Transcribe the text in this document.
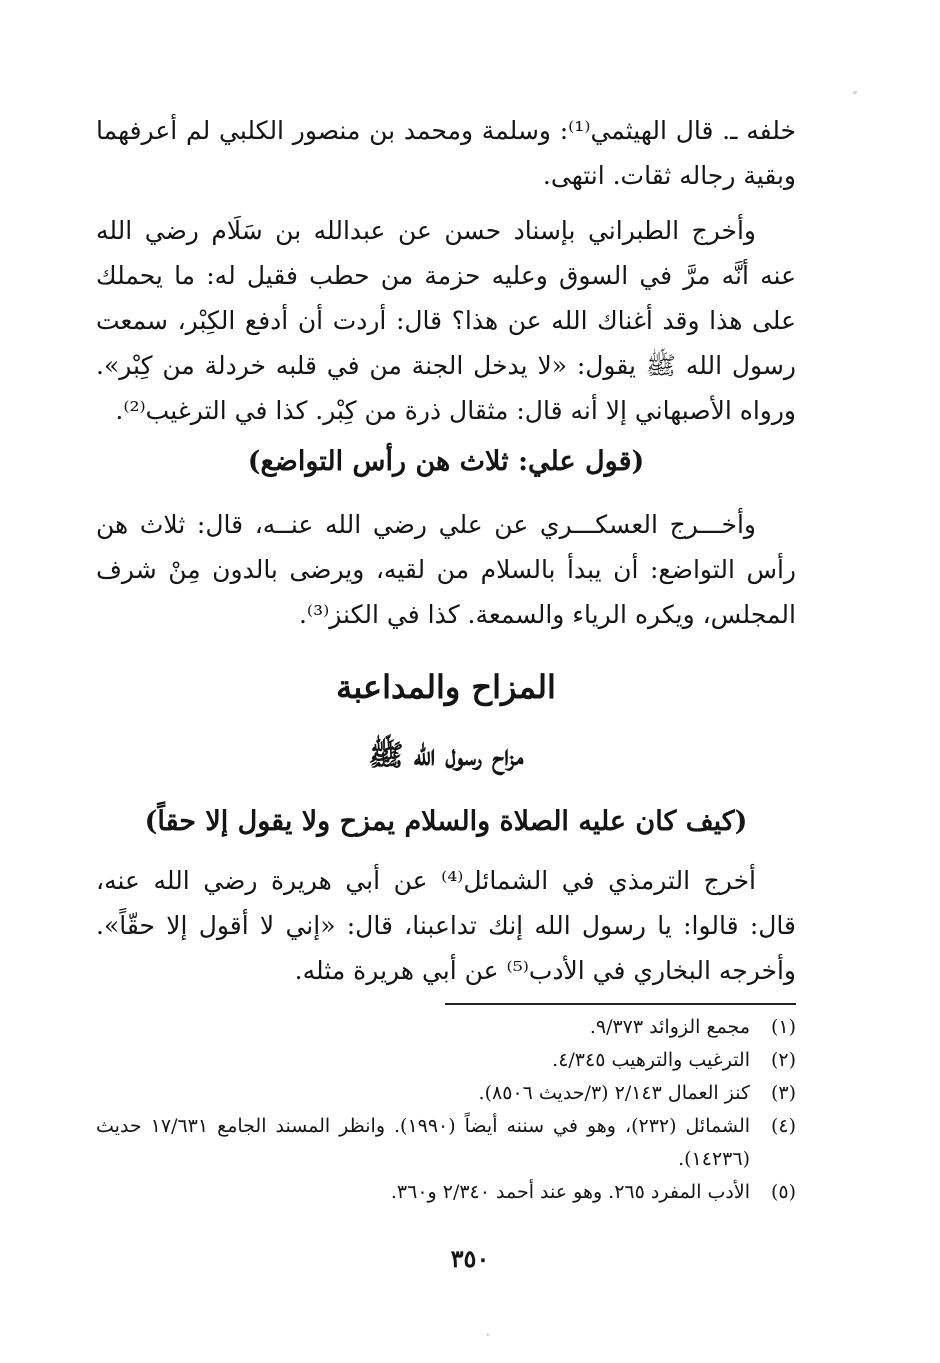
خلفه ـ. قال الهيثمي⁽¹⁾: وسلمة ومحمد بن منصور الكلبي لم أعرفهما وبقية رجاله ثقات. انتهى.

وأخرج الطبراني بإسناد حسن عن عبدالله بن سَلَام رضي الله عنه أنَّه مرَّ في السوق وعليه حزمة من حطب فقيل له: ما يحملك على هذا وقد أغناك الله عن هذا؟ قال: أردت أن أدفع الكِبْر، سمعت رسول الله ﷺ يقول: «لا يدخل الجنة من في قلبه خردلة من كِبْر». ورواه الأصبهاني إلا أنه قال: مثقال ذرة من كِبْر. كذا في الترغيب⁽²⁾.

(قول علي: ثلاث هن رأس التواضع)

وأخـــرج العسكـــري عن علي رضي الله عنــه، قال: ثلاث هن رأس التواضع: أن يبدأ بالسلام من لقيه، ويرضى بالدون مِنْ شرف المجلس، ويكره الرياء والسمعة. كذا في الكنز⁽³⁾.

المزاح والمداعبة
مزاح رسول الله ﷺ
(كيف كان عليه الصلاة والسلام يمزح ولا يقول إلا حقاً)

أخرج الترمذي في الشمائل⁽⁴⁾ عن أبي هريرة رضي الله عنه، قال: قالوا: يا رسول الله إنك تداعبنا، قال: «إني لا أقول إلا حقّاً». وأخرجه البخاري في الأدب⁽⁵⁾ عن أبي هريرة مثله.

(١)
مجمع الزوائد ٩/٣٧٣.
(٢)
الترغيب والترهيب ٤/٣٤٥.
(٣)
كنز العمال ٢/١٤٣ (٣/حديث ٨٥٠٦).
(٤)
الشمائل (٢٣٢)، وهو في سننه أيضاً (١٩٩٠). وانظر المسند الجامع ١٧/٦٣١ حديث (١٤٢٣٦).
(٥)
الأدب المفرد ٢٦٥. وهو عند أحمد ٢/٣٤٠ و٣٦٠.
٣٥٠
·
